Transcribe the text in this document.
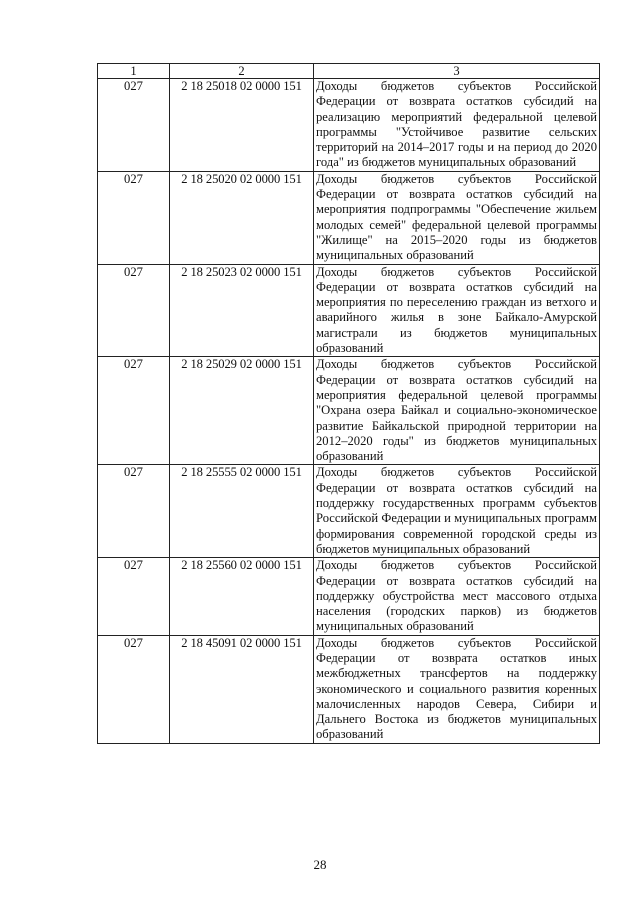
1	2	3
027	2 18 25018 02 0000 151	Доходы бюджетов субъектов Российской Федерации от возврата остатков субсидий на реализацию мероприятий федеральной целевой программы "Устойчивое развитие сельских территорий на 2014–2017 годы и на период до 2020 года" из бюджетов муниципальных образований
027	2 18 25020 02 0000 151	Доходы бюджетов субъектов Российской Федерации от возврата остатков субсидий на мероприятия подпрограммы "Обеспечение жильем молодых семей" федеральной целевой программы "Жилище" на 2015–2020 годы из бюджетов муниципальных образований
027	2 18 25023 02 0000 151	Доходы бюджетов субъектов Российской Федерации от возврата остатков субсидий на мероприятия по переселению граждан из ветхого и аварийного жилья в зоне Байкало-Амурской магистрали из бюджетов муниципальных образований
027	2 18 25029 02 0000 151	Доходы бюджетов субъектов Российской Федерации от возврата остатков субсидий на мероприятия федеральной целевой программы "Охрана озера Байкал и социально-экономическое развитие Байкальской природной территории на 2012–2020 годы" из бюджетов муниципальных образований
027	2 18 25555 02 0000 151	Доходы бюджетов субъектов Российской Федерации от возврата остатков субсидий на поддержку государственных программ субъектов Российской Федерации и муниципальных программ формирования современной городской среды из бюджетов муниципальных образований
027	2 18 25560 02 0000 151	Доходы бюджетов субъектов Российской Федерации от возврата остатков субсидий на поддержку обустройства мест массового отдыха населения (городских парков) из бюджетов муниципальных образований
027	2 18 45091 02 0000 151	Доходы бюджетов субъектов Российской Федерации от возврата остатков иных межбюджетных трансфертов на поддержку экономического и социального развития коренных малочисленных народов Севера, Сибири и Дальнего Востока из бюджетов муниципальных образований
28
